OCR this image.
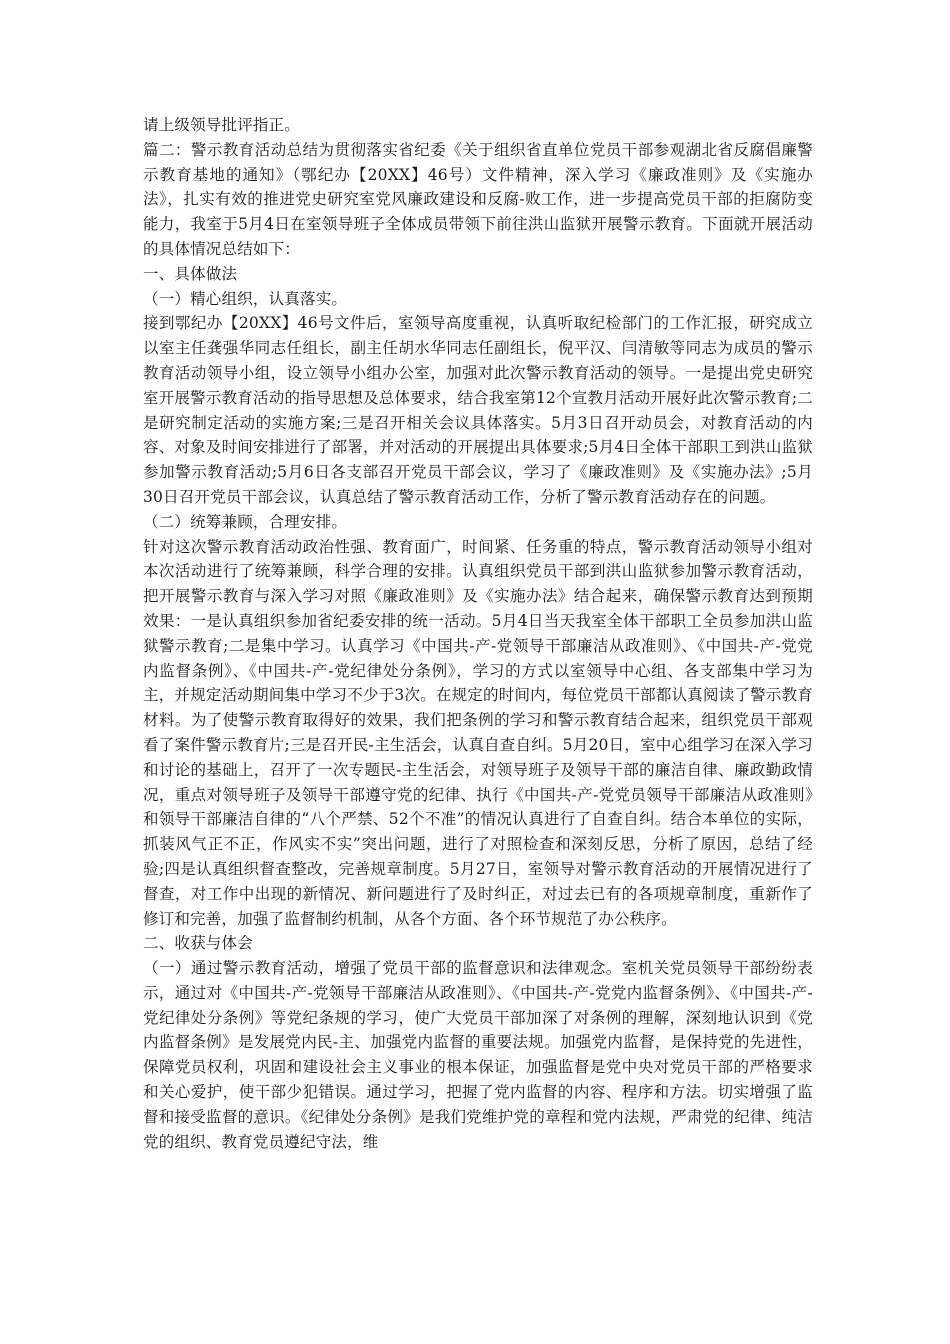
请上级领导批评指正。

篇二：警示教育活动总结为贯彻落实省纪委《关于组织省直单位党员干部参观湖北省反腐倡廉警示教育基地的通知》（鄂纪办【20XX】46号）文件精神，深入学习《廉政准则》及《实施办法》，扎实有效的推进党史研究室党风廉政建设和反腐-败工作，进一步提高党员干部的拒腐防变能力，我室于5月4日在室领导班子全体成员带领下前往洪山监狱开展警示教育。下面就开展活动的具体情况总结如下：

一、具体做法

（一）精心组织，认真落实。

接到鄂纪办【20XX】46号文件后，室领导高度重视，认真听取纪检部门的工作汇报，研究成立以室主任龚强华同志任组长，副主任胡水华同志任副组长，倪平汉、闫清敏等同志为成员的警示教育活动领导小组，设立领导小组办公室，加强对此次警示教育活动的领导。一是提出党史研究室开展警示教育活动的指导思想及总体要求，结合我室第12个宣教月活动开展好此次警示教育;二是研究制定活动的实施方案;三是召开相关会议具体落实。5月3日召开动员会，对教育活动的内容、对象及时间安排进行了部署，并对活动的开展提出具体要求;5月4日全体干部职工到洪山监狱参加警示教育活动;5月6日各支部召开党员干部会议，学习了《廉政准则》及《实施办法》;5月30日召开党员干部会议，认真总结了警示教育活动工作，分析了警示教育活动存在的问题。

（二）统筹兼顾，合理安排。

针对这次警示教育活动政治性强、教育面广，时间紧、任务重的特点，警示教育活动领导小组对本次活动进行了统筹兼顾，科学合理的安排。认真组织党员干部到洪山监狱参加警示教育活动，把开展警示教育与深入学习对照《廉政准则》及《实施办法》结合起来，确保警示教育达到预期效果：一是认真组织参加省纪委安排的统一活动。5月4日当天我室全体干部职工全员参加洪山监狱警示教育;二是集中学习。认真学习《中国共-产-党领导干部廉洁从政准则》、《中国共-产-党党内监督条例》、《中国共-产-党纪律处分条例》，学习的方式以室领导中心组、各支部集中学习为主，并规定活动期间集中学习不少于3次。在规定的时间内，每位党员干部都认真阅读了警示教育材料。为了使警示教育取得好的效果，我们把条例的学习和警示教育结合起来，组织党员干部观看了案件警示教育片;三是召开民-主生活会，认真自查自纠。5月20日，室中心组学习在深入学习和讨论的基础上，召开了一次专题民-主生活会，对领导班子及领导干部的廉洁自律、廉政勤政情况，重点对领导班子及领导干部遵守党的纪律、执行《中国共-产-党党员领导干部廉洁从政准则》和领导干部廉洁自律的“八个严禁、52个不准”的情况认真进行了自查自纠。结合本单位的实际，抓装风气正不正，作风实不实”突出问题，进行了对照检查和深刻反思，分析了原因，总结了经验;四是认真组织督查整改，完善规章制度。5月27日，室领导对警示教育活动的开展情况进行了督查，对工作中出现的新情况、新问题进行了及时纠正，对过去已有的各项规章制度，重新作了修订和完善，加强了监督制约机制，从各个方面、各个环节规范了办公秩序。

二、收获与体会

（一）通过警示教育活动，增强了党员干部的监督意识和法律观念。室机关党员领导干部纷纷表示，通过对《中国共-产-党领导干部廉洁从政准则》、《中国共-产-党党内监督条例》、《中国共-产-党纪律处分条例》等党纪条规的学习，使广大党员干部加深了对条例的理解，深刻地认识到《党内监督条例》是发展党内民-主、加强党内监督的重要法规。加强党内监督，是保持党的先进性，保障党员权利，巩固和建设社会主义事业的根本保证，加强监督是党中央对党员干部的严格要求和关心爱护，使干部少犯错误。通过学习，把握了党内监督的内容、程序和方法。切实增强了监督和接受监督的意识。《纪律处分条例》是我们党维护党的章程和党内法规，严肃党的纪律、纯洁党的组织、教育党员遵纪守法，维
